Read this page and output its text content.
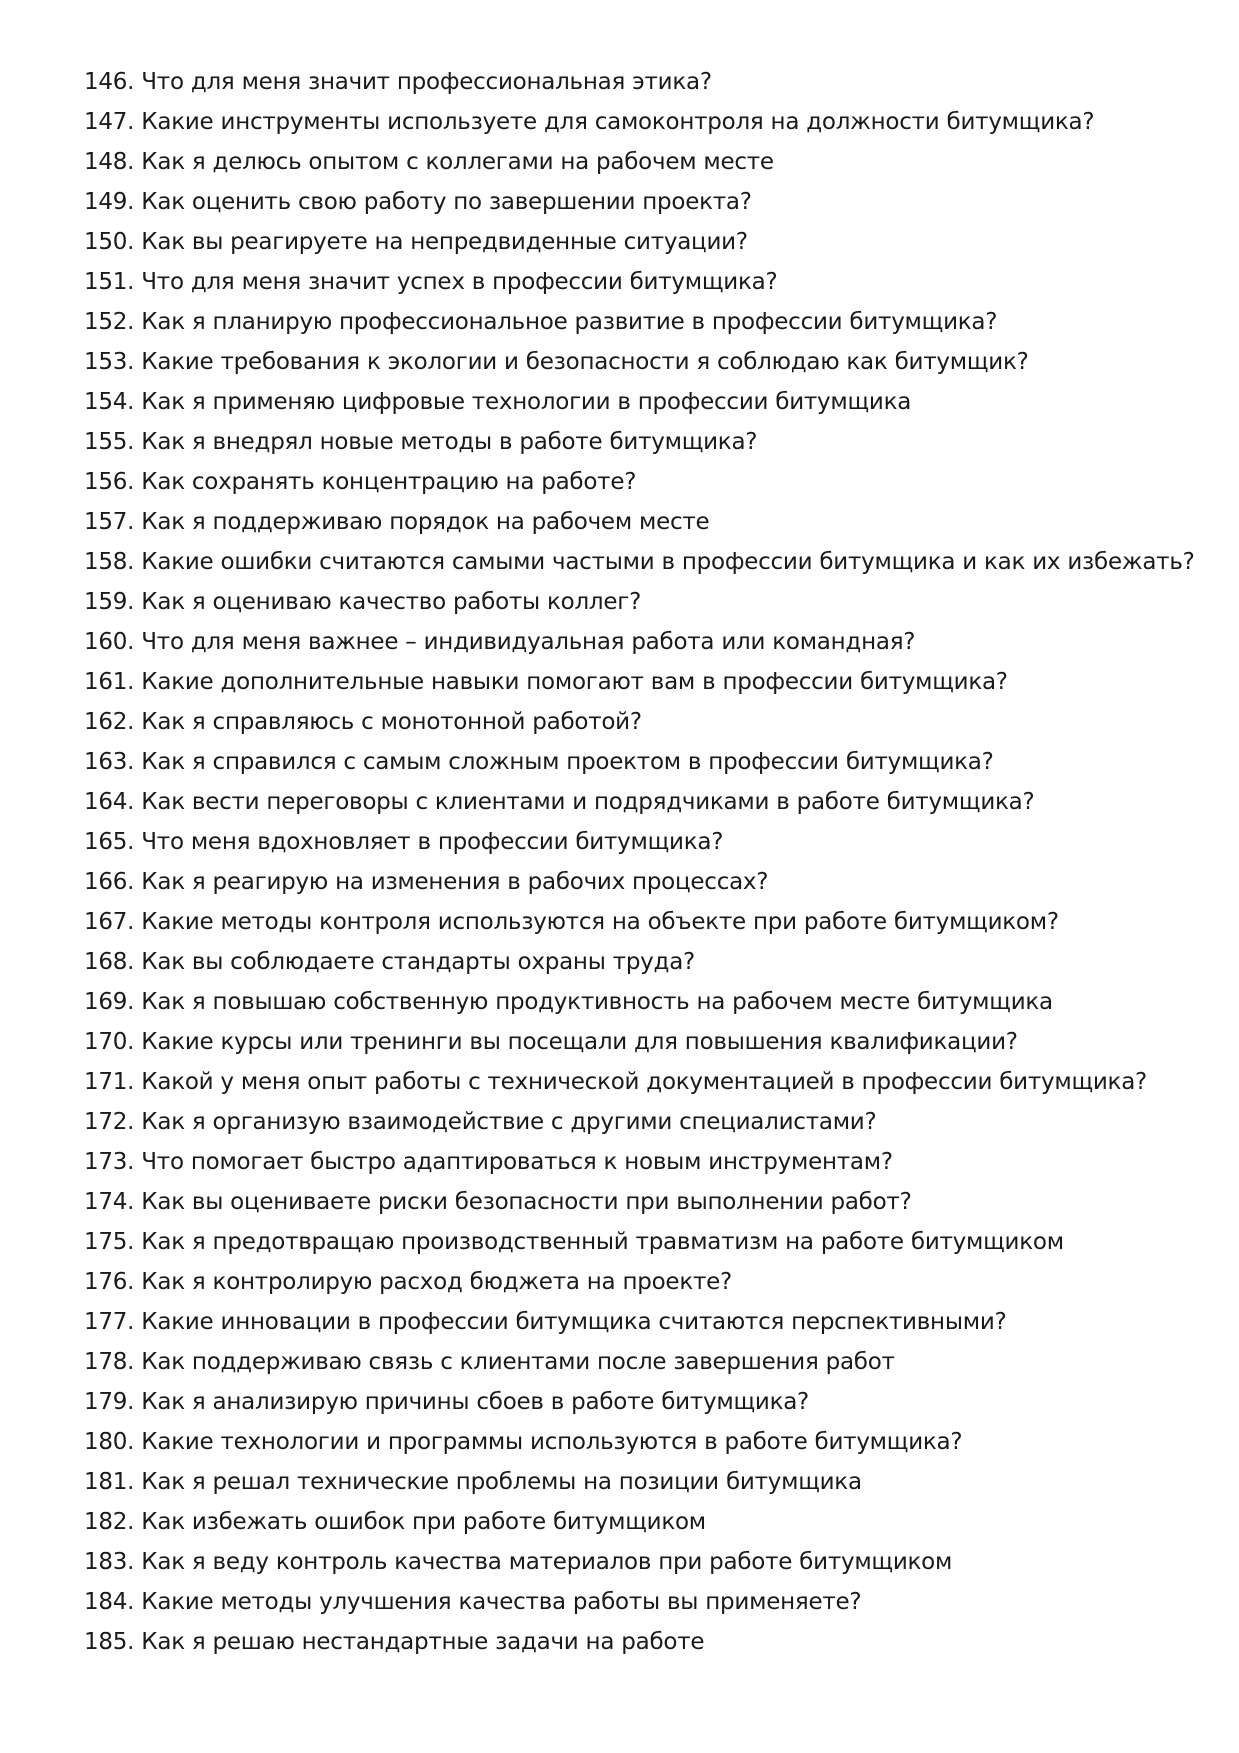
146. Что для меня значит профессиональная этика?
147. Какие инструменты используете для самоконтроля на должности битумщика?
148. Как я делюсь опытом с коллегами на рабочем месте
149. Как оценить свою работу по завершении проекта?
150. Как вы реагируете на непредвиденные ситуации?
151. Что для меня значит успех в профессии битумщика?
152. Как я планирую профессиональное развитие в профессии битумщика?
153. Какие требования к экологии и безопасности я соблюдаю как битумщик?
154. Как я применяю цифровые технологии в профессии битумщика
155. Как я внедрял новые методы в работе битумщика?
156. Как сохранять концентрацию на работе?
157. Как я поддерживаю порядок на рабочем месте
158. Какие ошибки считаются самыми частыми в профессии битумщика и как их избежать?
159. Как я оцениваю качество работы коллег?
160. Что для меня важнее – индивидуальная работа или командная?
161. Какие дополнительные навыки помогают вам в профессии битумщика?
162. Как я справляюсь с монотонной работой?
163. Как я справился с самым сложным проектом в профессии битумщика?
164. Как вести переговоры с клиентами и подрядчиками в работе битумщика?
165. Что меня вдохновляет в профессии битумщика?
166. Как я реагирую на изменения в рабочих процессах?
167. Какие методы контроля используются на объекте при работе битумщиком?
168. Как вы соблюдаете стандарты охраны труда?
169. Как я повышаю собственную продуктивность на рабочем месте битумщика
170. Какие курсы или тренинги вы посещали для повышения квалификации?
171. Какой у меня опыт работы с технической документацией в профессии битумщика?
172. Как я организую взаимодействие с другими специалистами?
173. Что помогает быстро адаптироваться к новым инструментам?
174. Как вы оцениваете риски безопасности при выполнении работ?
175. Как я предотвращаю производственный травматизм на работе битумщиком
176. Как я контролирую расход бюджета на проекте?
177. Какие инновации в профессии битумщика считаются перспективными?
178. Как поддерживаю связь с клиентами после завершения работ
179. Как я анализирую причины сбоев в работе битумщика?
180. Какие технологии и программы используются в работе битумщика?
181. Как я решал технические проблемы на позиции битумщика
182. Как избежать ошибок при работе битумщиком
183. Как я веду контроль качества материалов при работе битумщиком
184. Какие методы улучшения качества работы вы применяете?
185. Как я решаю нестандартные задачи на работе
